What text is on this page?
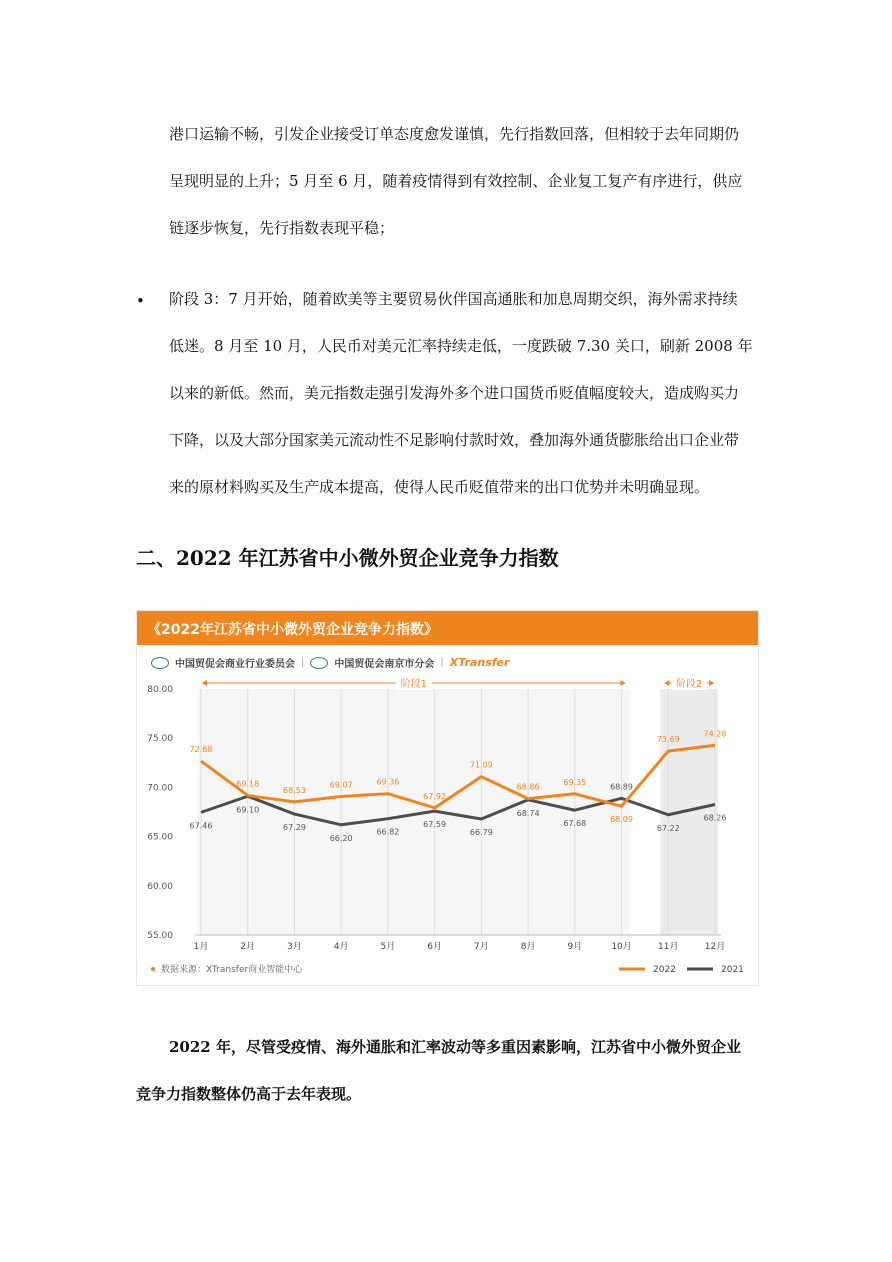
港口运输不畅，引发企业接受订单态度愈发谨慎，先行指数回落，但相较于去年同期仍
呈现明显的上升；5 月至 6 月，随着疫情得到有效控制、企业复工复产有序进行，供应
链逐步恢复，先行指数表现平稳；
• 阶段 3：7 月开始，随着欧美等主要贸易伙伴国高通胀和加息周期交织，海外需求持续
低迷。8 月至 10 月，人民币对美元汇率持续走低，一度跌破 7.30 关口，刷新 2008 年
以来的新低。然而，美元指数走强引发海外多个进口国货币贬值幅度较大，造成购买力
下降，以及大部分国家美元流动性不足影响付款时效，叠加海外通货膨胀给出口企业带
来的原材料购买及生产成本提高，使得人民币贬值带来的出口优势并未明确显现。
二、2022 年江苏省中小微外贸企业竞争力指数
《2022年江苏省中小微外贸企业竞争力指数》
中国贸促会商业行业委员会 |	中国贸促会南京市分会 | XTransfer
阶段1	阶段2
80.00
75.00
70.00
65.00
60.00
55.00
1月	2月	3月	4月	5月	6月	7月	8月	9月	10月	11月	12月
72.68
67.46
69.18
69.10
68.53
67.29
69.07
66.20
69.36
66.82
67.92
67.59
71.09
66.79
68.86
68.74
69.35
67.68	68.09
68.89
73.69
67.22
74.28
68.26
数据来源：XTransfer商业智能中心	2022	2021
2022 年，尽管受疫情、海外通胀和汇率波动等多重因素影响，江苏省中小微外贸企业
竞争力指数整体仍高于去年表现。
